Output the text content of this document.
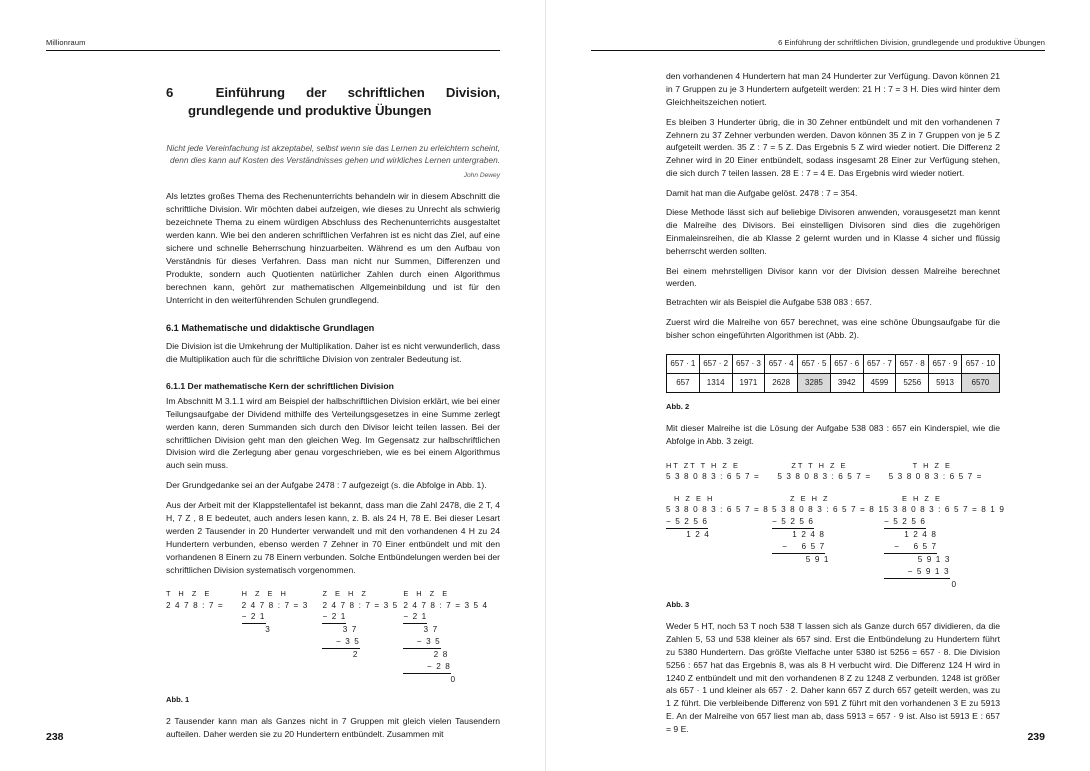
Millionraum
238
6	Einführung der schriftlichen Division, grundlegende und produktive Übungen
Nicht jede Vereinfachung ist akzeptabel, selbst wenn sie das Lernen zu erleichtern scheint, denn dies kann auf Kosten des Verständnisses gehen und wirkliches Lernen untergraben.
John Dewey

Als letztes großes Thema des Rechenunterrichts behandeln wir in diesem Abschnitt die schriftliche Division. Wir möchten dabei aufzeigen, wie dieses zu Unrecht als schwierig bezeichnete Thema zu einem würdigen Abschluss des Rechenunterrichts ausgestaltet werden kann. Wie bei den anderen schriftlichen Verfahren ist es nicht das Ziel, auf eine sichere und schnelle Beherrschung hinzuarbeiten. Während es um den Aufbau von Verständnis für dieses Verfahren. Dass man nicht nur Summen, Differenzen und Produkte, sondern auch Quotienten natürlicher Zahlen durch einen Algorithmus berechnen kann, gehört zur mathematischen Allgemeinbildung und ist für den Unterricht in den weiterführenden Schulen grundlegend.

6.1 Mathematische und didaktische Grundlagen

Die Division ist die Umkehrung der Multiplikation. Daher ist es nicht verwunderlich, dass die Multiplikation auch für die schriftliche Division von zentraler Bedeutung ist.

6.1.1 Der mathematische Kern der schriftlichen Division

Im Abschnitt M 3.1.1 wird am Beispiel der halbschriftlichen Division erklärt, wie bei einer Teilungsaufgabe der Dividend mithilfe des Verteilungsgesetzes in eine Summe zerlegt werden kann, deren Summanden sich durch den Divisor leicht teilen lassen. Bei der schriftlichen Division geht man den gleichen Weg. Im Gegensatz zur halbschriftlichen Division wird die Zerlegung aber genau vorgeschrieben, wie es bei einem Algorithmus auch sein muss.

Der Grundgedanke sei an der Aufgabe 2478 : 7 aufgezeigt (s. die Abfolge in Abb. 1).

Aus der Arbeit mit der Klappstellentafel ist bekannt, dass man die Zahl 2478, die 2 T, 4 H, 7 Z , 8 E bedeutet, auch anders lesen kann, z. B. als 24 H, 78 E. Bei dieser Lesart werden 2 Tausender in 20 Hunderter verwandelt und mit den vorhandenen 4 H zu 24 Hundertern verbunden, ebenso werden 7 Zehner in 70 Einer entbündelt und mit den vorhandenen 8 Einern zu 78 Einern verbunden. Solche Entbündelungen werden bei der schriftlichen Division systematisch vorgenommen.

T H Z E
2 4 7 8 : 7 =
H Z E H
2 4 7 8 : 7 = 3
− 2 1
3
Z E H Z
2 4 7 8 : 7 = 3 5
− 2 1
3 7
− 3 5
2
E H Z E
2 4 7 8 : 7 = 3 5 4
− 2 1
3 7
− 3 5
2 8
− 2 8
0
Abb. 1

2 Tausender kann man als Ganzes nicht in 7 Gruppen mit gleich vielen Tausendern aufteilen. Daher werden sie zu 20 Hundertern entbündelt. Zusammen mit

6 Einführung der schriftlichen Division, grundlegende und produktive Übungen
239

den vorhandenen 4 Hundertern hat man 24 Hunderter zur Verfügung. Davon können 21 in 7 Gruppen zu je 3 Hundertern aufgeteilt werden: 21 H : 7 = 3 H. Dies wird hinter dem Gleichheitszeichen notiert.

Es bleiben 3 Hunderter übrig, die in 30 Zehner entbündelt und mit den vorhandenen 7 Zehnern zu 37 Zehner verbunden werden. Davon können 35 Z in 7 Gruppen von je 5 Z aufgeteilt werden. 35 Z : 7 = 5 Z. Das Ergebnis 5 Z wird wieder notiert. Die Differenz 2 Zehner wird in 20 Einer entbündelt, sodass insgesamt 28 Einer zur Verfügung stehen, die sich durch 7 teilen lassen. 28 E : 7 = 4 E. Das Ergebnis wird wieder notiert.

Damit hat man die Aufgabe gelöst. 2478 : 7 = 354.

Diese Methode lässt sich auf beliebige Divisoren anwenden, vorausgesetzt man kennt die Malreihe des Divisors. Bei einstelligen Divisoren sind dies die zugehörigen Einmaleinsreihen, die ab Klasse 2 gelernt wurden und in Klasse 4 sicher und flüssig beherrscht werden sollten.

Bei einem mehrstelligen Divisor kann vor der Division dessen Malreihe berechnet werden.

Betrachten wir als Beispiel die Aufgabe 538 083 : 657.

Zuerst wird die Malreihe von 657 berechnet, was eine schöne Übungsaufgabe für die bisher schon eingeführten Algorithmen ist (Abb. 2).

657 · 1	657 · 2	657 · 3	657 · 4	657 · 5	657 · 6	657 · 7	657 · 8	657 · 9	657 · 10
657	1314	1971	2628	3285	3942	4599	5256	5913	6570
Abb. 2

Mit dieser Malreihe ist die Lösung der Aufgabe 538 083 : 657 ein Kinderspiel, wie die Abfolge in Abb. 3 zeigt.

HT ZT T H Z E
5 3 8 0 8 3 : 6 5 7 =
ZT T H Z E
5 3 8 0 8 3 : 6 5 7 =
T H Z E
5 3 8 0 8 3 : 6 5 7 =
H Z E H
5 3 8 0 8 3 : 6 5 7 = 8
− 5 2 5 6
1 2 4
Z E H Z
5 3 8 0 8 3 : 6 5 7 = 8 1
− 5 2 5 6
1 2 4 8
−    6 5 7
5 9 1
E H Z E
5 3 8 0 8 3 : 6 5 7 = 8 1 9
− 5 2 5 6
1 2 4 8
−    6 5 7
5 9 1 3
− 5 9 1 3
0
Abb. 3

Weder 5 HT, noch 53 T noch 538 T lassen sich als Ganze durch 657 dividieren, da die Zahlen 5, 53 und 538 kleiner als 657 sind. Erst die Entbündelung zu Hundertern führt zu 5380 Hundertern. Das größte Vielfache unter 5380 ist 5256 = 657 · 8. Die Division 5256 : 657 hat das Ergebnis 8, was als 8 H verbucht wird. Die Differenz 124 H wird in 1240 Z entbündelt und mit den vorhandenen 8 Z zu 1248 Z verbunden. 1248 ist größer als 657 · 1 und kleiner als 657 · 2. Daher kann 657 Z durch 657 geteilt werden, was zu 1 Z führt. Die verbleibende Differenz von 591 Z führt mit den vorhandenen 3 E zu 5913 E. An der Malreihe von 657 liest man ab, dass 5913 = 657 · 9 ist. Also ist 5913 E : 657 = 9 E.
